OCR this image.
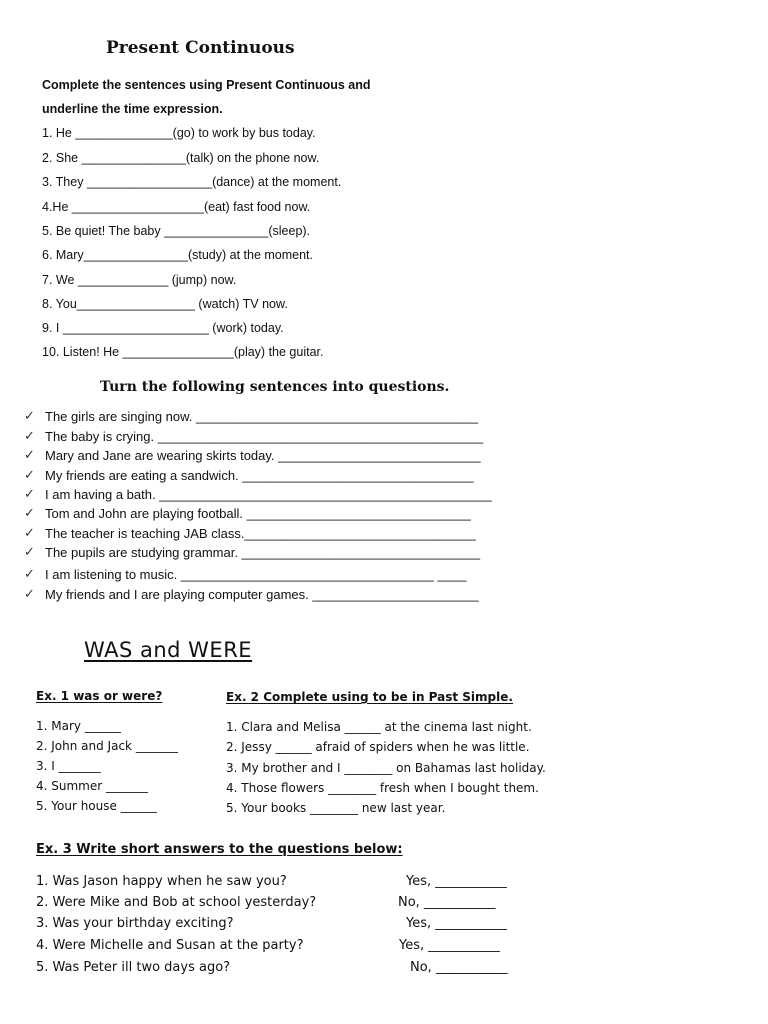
Present Continuous
Complete the sentences using Present Continuous and
underline the time expression.
1. He ______________(go) to work by bus today.
2. She _______________(talk) on the phone now.
3. They __________________(dance) at the moment.
4.He ___________________(eat) fast food now.
5. Be quiet! The baby _______________(sleep).
6. Mary_______________(study) at the moment.
7. We _____________ (jump) now.
8. You_________________ (watch) TV now.
9. I _____________________ (work) today.
10. Listen! He ________________(play) the guitar.
Turn the following sentences into questions.
✓ The girls are singing now. _______________________________________
✓ The baby is crying. _____________________________________________
✓ Mary and Jane are wearing skirts today. ____________________________
✓ My friends are eating a sandwich. ________________________________
✓ I am having a bath. ______________________________________________
✓ Tom and John are playing football. _______________________________
✓ The teacher is teaching JAB class.________________________________
✓ The pupils are studying grammar. _________________________________
✓ I am listening to music. ___________________________________ ____
✓ My friends and I are playing computer games. _______________________
WAS and WERE
Ex. 1 was or were?
1. Mary ______
2. John and Jack _______
3. I _______
4. Summer _______
5. Your house ______
Ex. 2 Complete using to be in Past Simple.
1. Clara and Melisa ______ at the cinema last night.
2. Jessy ______ afraid of spiders when he was little.
3. My brother and I ________ on Bahamas last holiday.
4. Those flowers ________ fresh when I bought them.
5. Your books ________ new last year.
Ex. 3 Write short answers to the questions below:
1. Was Jason happy when he saw you?
2. Were Mike and Bob at school yesterday?
3. Was your birthday exciting?
4. Were Michelle and Susan at the party?
5. Was Peter ill two days ago?
Yes, ___________
No, ___________
Yes, ___________
Yes, ___________
No, ___________
